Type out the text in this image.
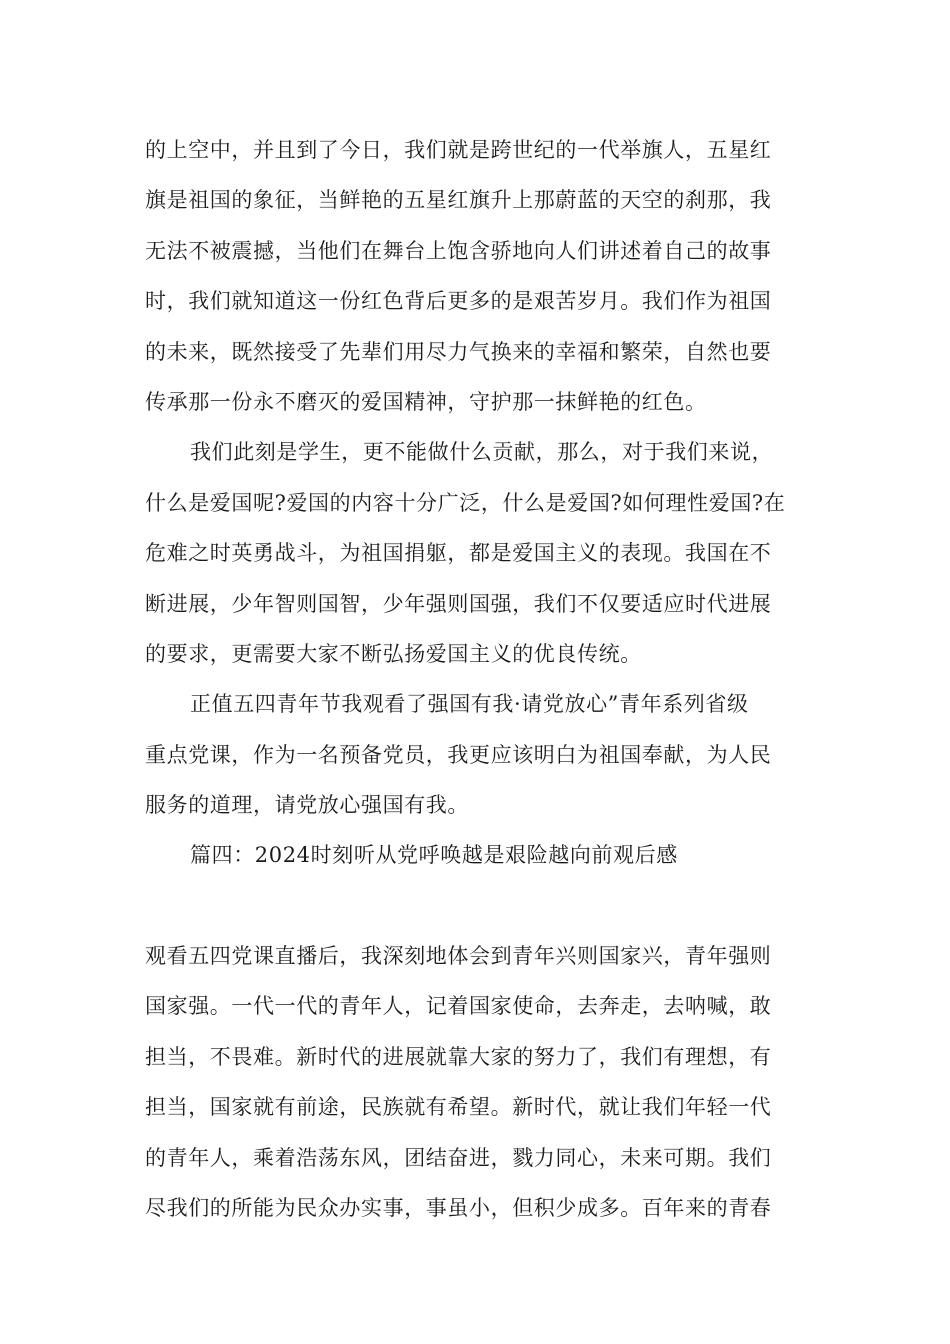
的上空中，并且到了今日，我们就是跨世纪的一代举旗人，五星红
旗是祖国的象征，当鲜艳的五星红旗升上那蔚蓝的天空的刹那，我
无法不被震撼，当他们在舞台上饱含骄地向人们讲述着自己的故事
时，我们就知道这一份红色背后更多的是艰苦岁月。我们作为祖国
的未来，既然接受了先辈们用尽力气换来的幸福和繁荣，自然也要
传承那一份永不磨灭的爱国精神，守护那一抹鲜艳的红色。
我们此刻是学生，更不能做什么贡献，那么，对于我们来说，
什么是爱国呢?爱国的内容十分广泛，什么是爱国?如何理性爱国?在
危难之时英勇战斗，为祖国捐躯，都是爱国主义的表现。我国在不
断进展，少年智则国智，少年强则国强，我们不仅要适应时代进展
的要求，更需要大家不断弘扬爱国主义的优良传统。
正值五四青年节我观看了强国有我·请党放心”青年系列省级
重点党课，作为一名预备党员，我更应该明白为祖国奉献，为人民
服务的道理，请党放心强国有我。
篇四：2024时刻听从党呼唤越是艰险越向前观后感
观看五四党课直播后，我深刻地体会到青年兴则国家兴，青年强则
国家强。一代一代的青年人，记着国家使命，去奔走，去呐喊，敢
担当，不畏难。新时代的进展就靠大家的努力了，我们有理想，有
担当，国家就有前途，民族就有希望。新时代，就让我们年轻一代
的青年人，乘着浩荡东风，团结奋进，戮力同心，未来可期。我们
尽我们的所能为民众办实事，事虽小，但积少成多。百年来的青春
